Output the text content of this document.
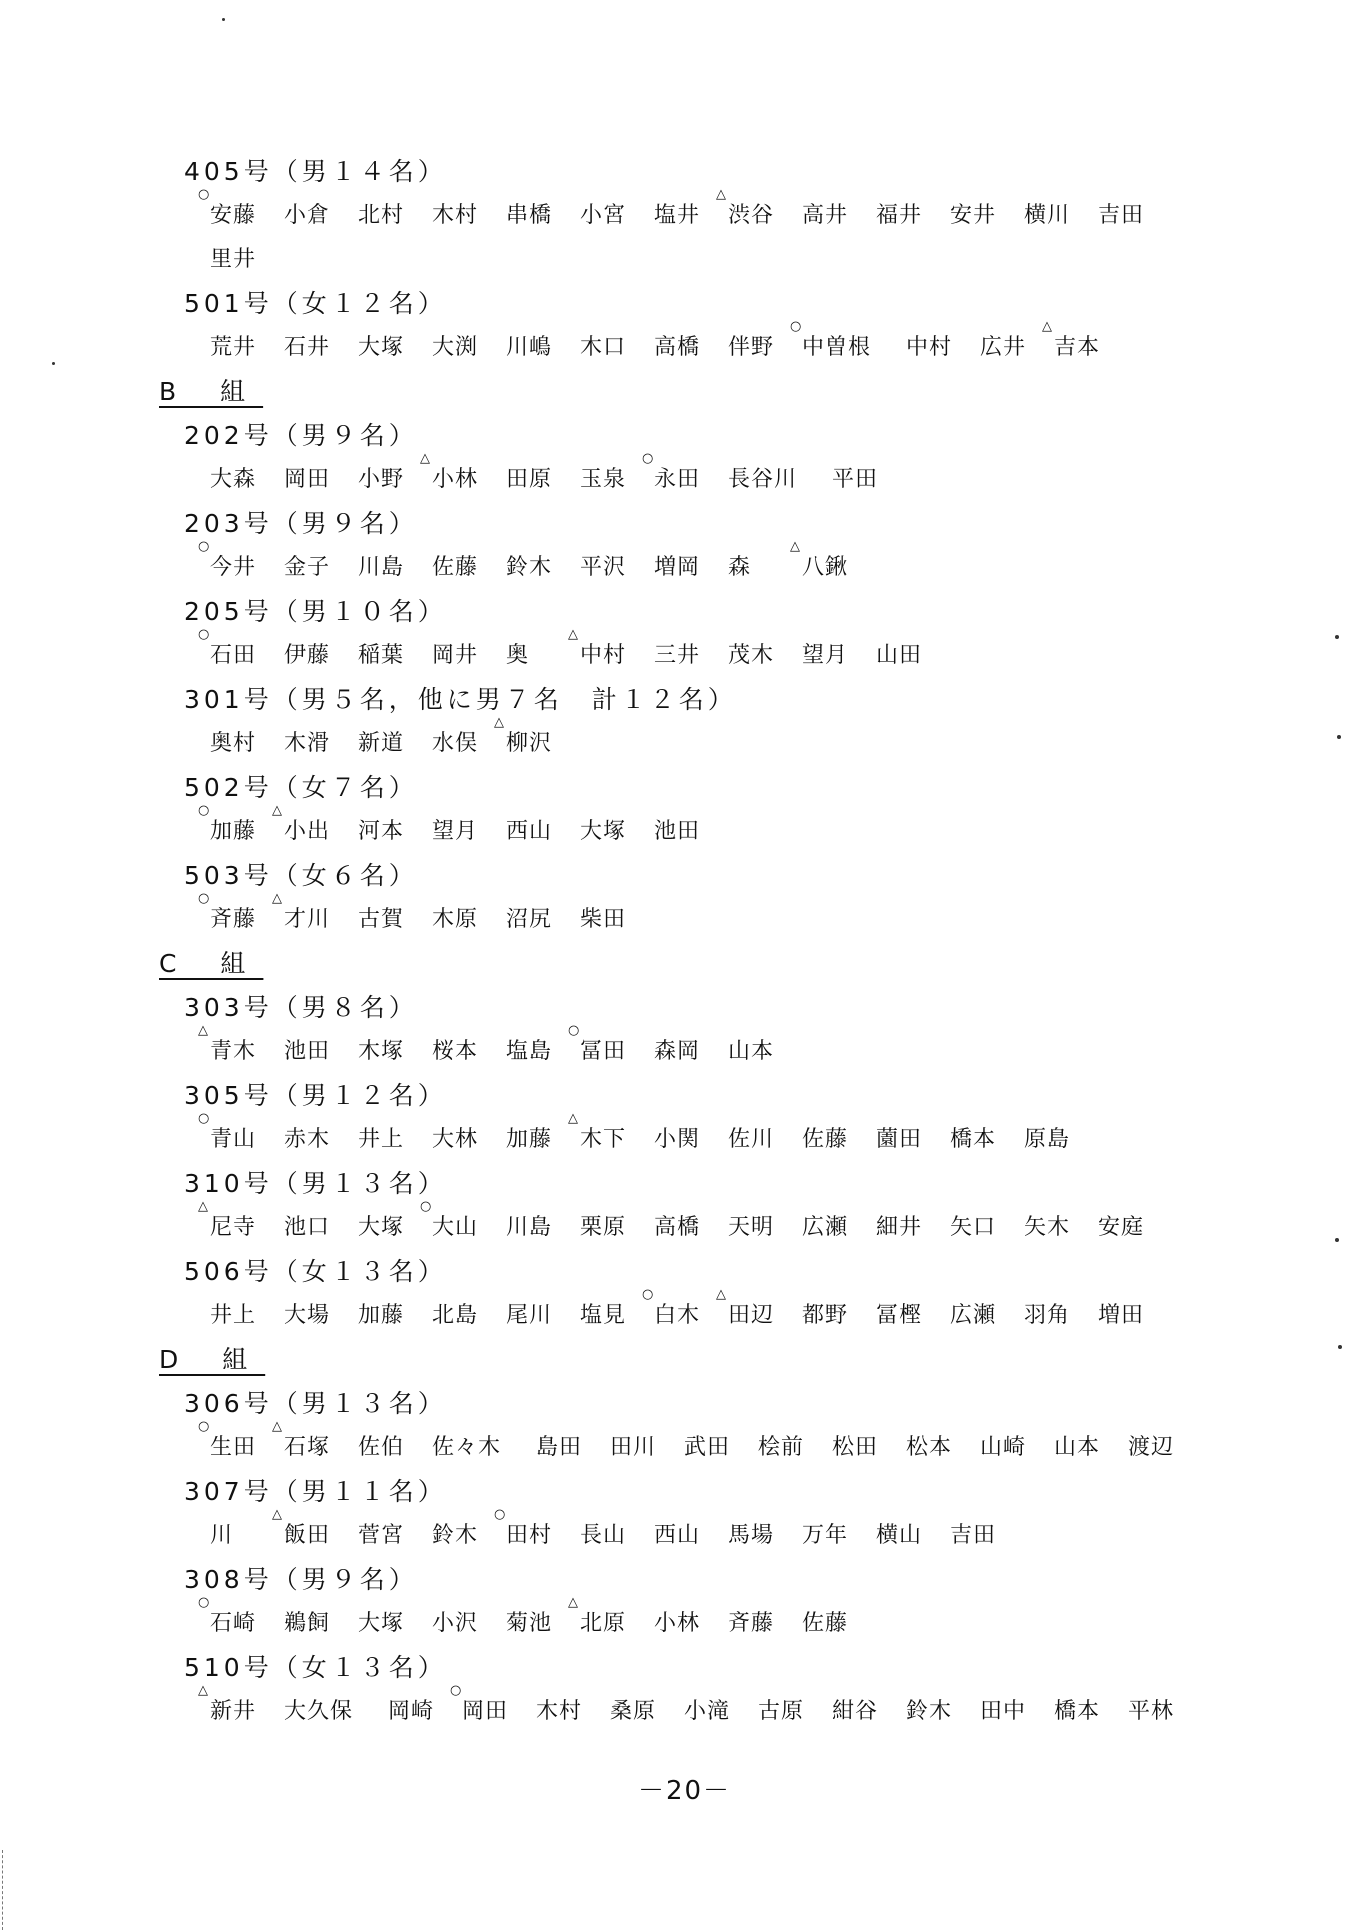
405号（男１４名）
○
安藤 小倉 北村 木村 串橋 小宮 塩井
△
渋谷 高井 福井 安井 横川 吉田
里井
501号（女１２名）
荒井 石井 大塚 大渕 川嶋 木口 高橋 伴野
○
中曽根 中村 広井
△
吉本
B 組
202号（男９名）
大森 岡田 小野
△
小林 田原 玉泉
○
永田 長谷川 平田
203号（男９名）
○
今井 金子 川島 佐藤 鈴木 平沢 増岡 森
△
八鍬
205号（男１０名）
○
石田 伊藤 稲葉 岡井 奥
△
中村 三井 茂木 望月 山田
301号（男５名，他に男７名　計１２名）
奥村 木滑 新道 水俣
△
柳沢
502号（女７名）
○
加藤
△
小出 河本 望月 西山 大塚 池田
503号（女６名）
○
斉藤
△
才川 古賀 木原 沼尻 柴田
C 組
303号（男８名）
△
青木 池田 木塚 桜本 塩島
○
冨田 森岡 山本
305号（男１２名）
○
青山 赤木 井上 大林 加藤
△
木下 小関 佐川 佐藤 薗田 橋本 原島
310号（男１３名）
△
尼寺 池口 大塚
○
大山 川島 栗原 高橋 天明 広瀬 細井 矢口 矢木 安庭
506号（女１３名）
井上 大場 加藤 北島 尾川 塩見
○
白木
△
田辺 都野 冨樫 広瀬 羽角 増田
D 組
306号（男１３名）
○
生田
△
石塚 佐伯 佐々木 島田 田川 武田 桧前 松田 松本 山崎 山本 渡辺
307号（男１１名）
川
△
飯田 菅宮 鈴木
○
田村 長山 西山 馬場 万年 横山 吉田
308号（男９名）
○
石崎 鵜飼 大塚 小沢 菊池
△
北原 小林 斉藤 佐藤
510号（女１３名）
△
新井 大久保 岡崎
○
岡田 木村 桑原 小滝 古原 紺谷 鈴木 田中 橋本 平林
－20－
